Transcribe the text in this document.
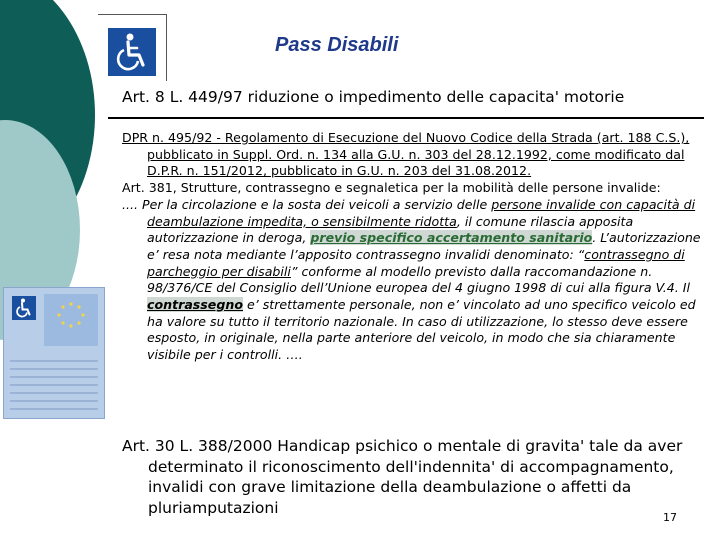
Pass Disabili
Art. 8 L. 449/97 riduzione o impedimento delle capacita' motorie

DPR n. 495/92 - Regolamento di Esecuzione del Nuovo Codice della Strada (art. 188 C.S.), pubblicato in Suppl. Ord. n. 134 alla G.U. n. 303 del 28.12.1992, come modificato dal D.P.R. n. 151/2012, pubblicato in G.U. n. 203 del 31.08.2012.

Art. 381, Strutture, contrassegno e segnaletica per la mobilità delle persone invalide:

.... Per la circolazione e la sosta dei veicoli a servizio delle persone invalide con capacità di deambulazione impedita, o sensibilmente ridotta, il comune rilascia apposita autorizzazione in deroga, previo specifico accertamento sanitario. L’autorizzazione e’ resa nota mediante l’apposito contrassegno invalidi denominato: “contrassegno di parcheggio per disabili” conforme al modello previsto dalla raccomandazione n. 98/376/CE del Consiglio dell’Unione europea del 4 giugno 1998 di cui alla figura V.4. Il contrassegno e’ strettamente personale, non e’ vincolato ad uno specifico veicolo ed ha valore su tutto il territorio nazionale. In caso di utilizzazione, lo stesso deve essere esposto, in originale, nella parte anteriore del veicolo, in modo che sia chiaramente visibile per i controlli. ….

Art. 30 L. 388/2000 Handicap psichico o mentale di gravita' tale da aver determinato il riconoscimento dell'indennita' di accompagnamento, invalidi con grave limitazione della deambulazione o affetti da pluriamputazioni

17
